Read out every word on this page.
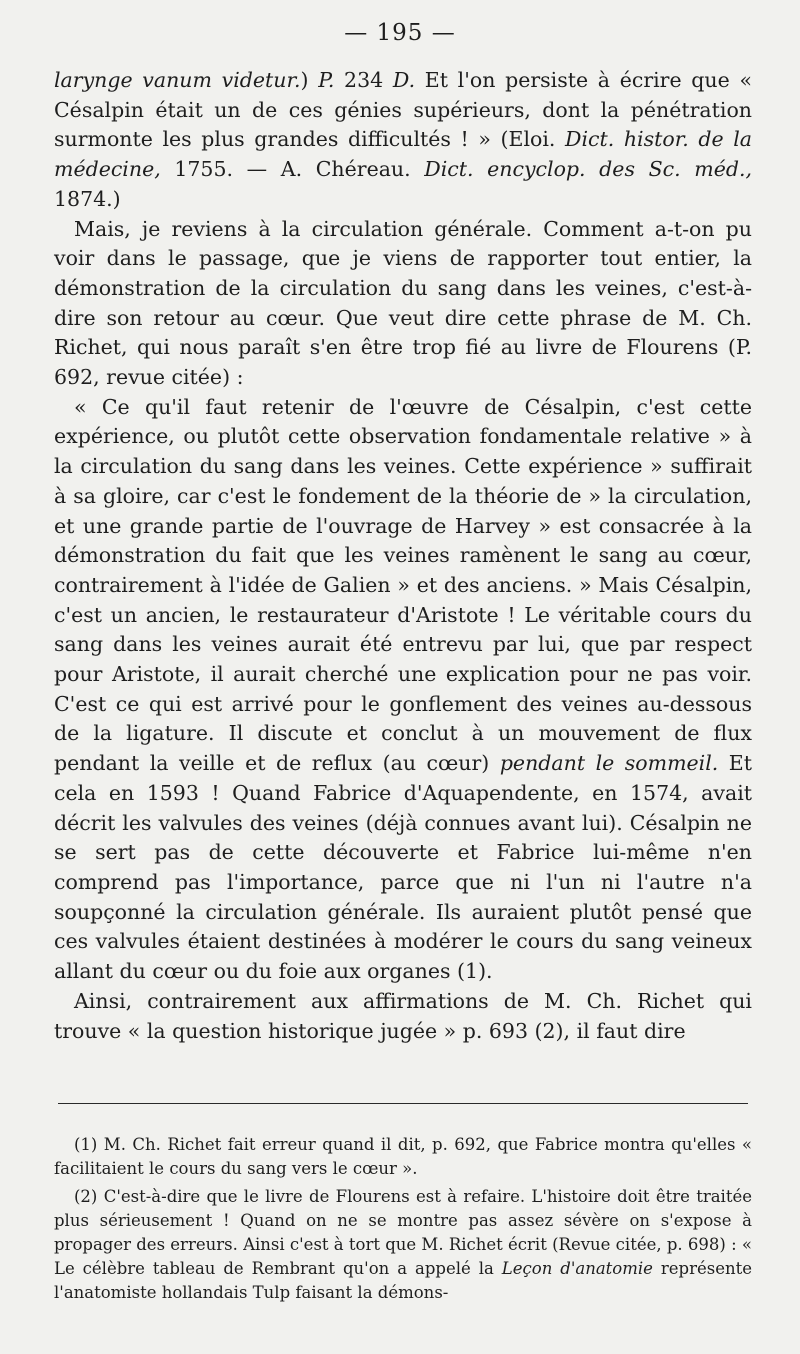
— 195 —

larynge vanum videtur.) P. 234 D. Et l'on persiste à écrire que « Césalpin était un de ces génies supérieurs, dont la pénétration surmonte les plus grandes difficultés ! » (Eloi. Dict. histor. de la médecine, 1755. — A. Chéreau. Dict. encyclop. des Sc. méd., 1874.)

Mais, je reviens à la circulation générale. Comment a-t-on pu voir dans le passage, que je viens de rapporter tout entier, la démonstration de la circulation du sang dans les veines, c'est-à-dire son retour au cœur. Que veut dire cette phrase de M. Ch. Richet, qui nous paraît s'en être trop fié au livre de Flourens (P. 692, revue citée) :

« Ce qu'il faut retenir de l'œuvre de Césalpin, c'est cette expérience, ou plutôt cette observation fondamentale relative » à la circulation du sang dans les veines. Cette expérience » suffirait à sa gloire, car c'est le fondement de la théorie de » la circulation, et une grande partie de l'ouvrage de Harvey » est consacrée à la démonstration du fait que les veines ramènent le sang au cœur, contrairement à l'idée de Galien » et des anciens. » Mais Césalpin, c'est un ancien, le restaurateur d'Aristote ! Le véritable cours du sang dans les veines aurait été entrevu par lui, que par respect pour Aristote, il aurait cherché une explication pour ne pas voir. C'est ce qui est arrivé pour le gonflement des veines au-dessous de la ligature. Il discute et conclut à un mouvement de flux pendant la veille et de reflux (au cœur) pendant le sommeil. Et cela en 1593 ! Quand Fabrice d'Aquapendente, en 1574, avait décrit les valvules des veines (déjà connues avant lui). Césalpin ne se sert pas de cette découverte et Fabrice lui-même n'en comprend pas l'importance, parce que ni l'un ni l'autre n'a soupçonné la circulation générale. Ils auraient plutôt pensé que ces valvules étaient destinées à modérer le cours du sang veineux allant du cœur ou du foie aux organes (1).

Ainsi, contrairement aux affirmations de M. Ch. Richet qui trouve « la question historique jugée » p. 693 (2), il faut dire

(1) M. Ch. Richet fait erreur quand il dit, p. 692, que Fabrice montra qu'elles « facilitaient le cours du sang vers le cœur ».

(2) C'est-à-dire que le livre de Flourens est à refaire. L'histoire doit être traitée plus sérieusement ! Quand on ne se montre pas assez sévère on s'expose à propager des erreurs. Ainsi c'est à tort que M. Richet écrit (Revue citée, p. 698) : « Le célèbre tableau de Rembrant qu'on a appelé la Leçon d'anatomie représente l'anatomiste hollandais Tulp faisant la démons-
